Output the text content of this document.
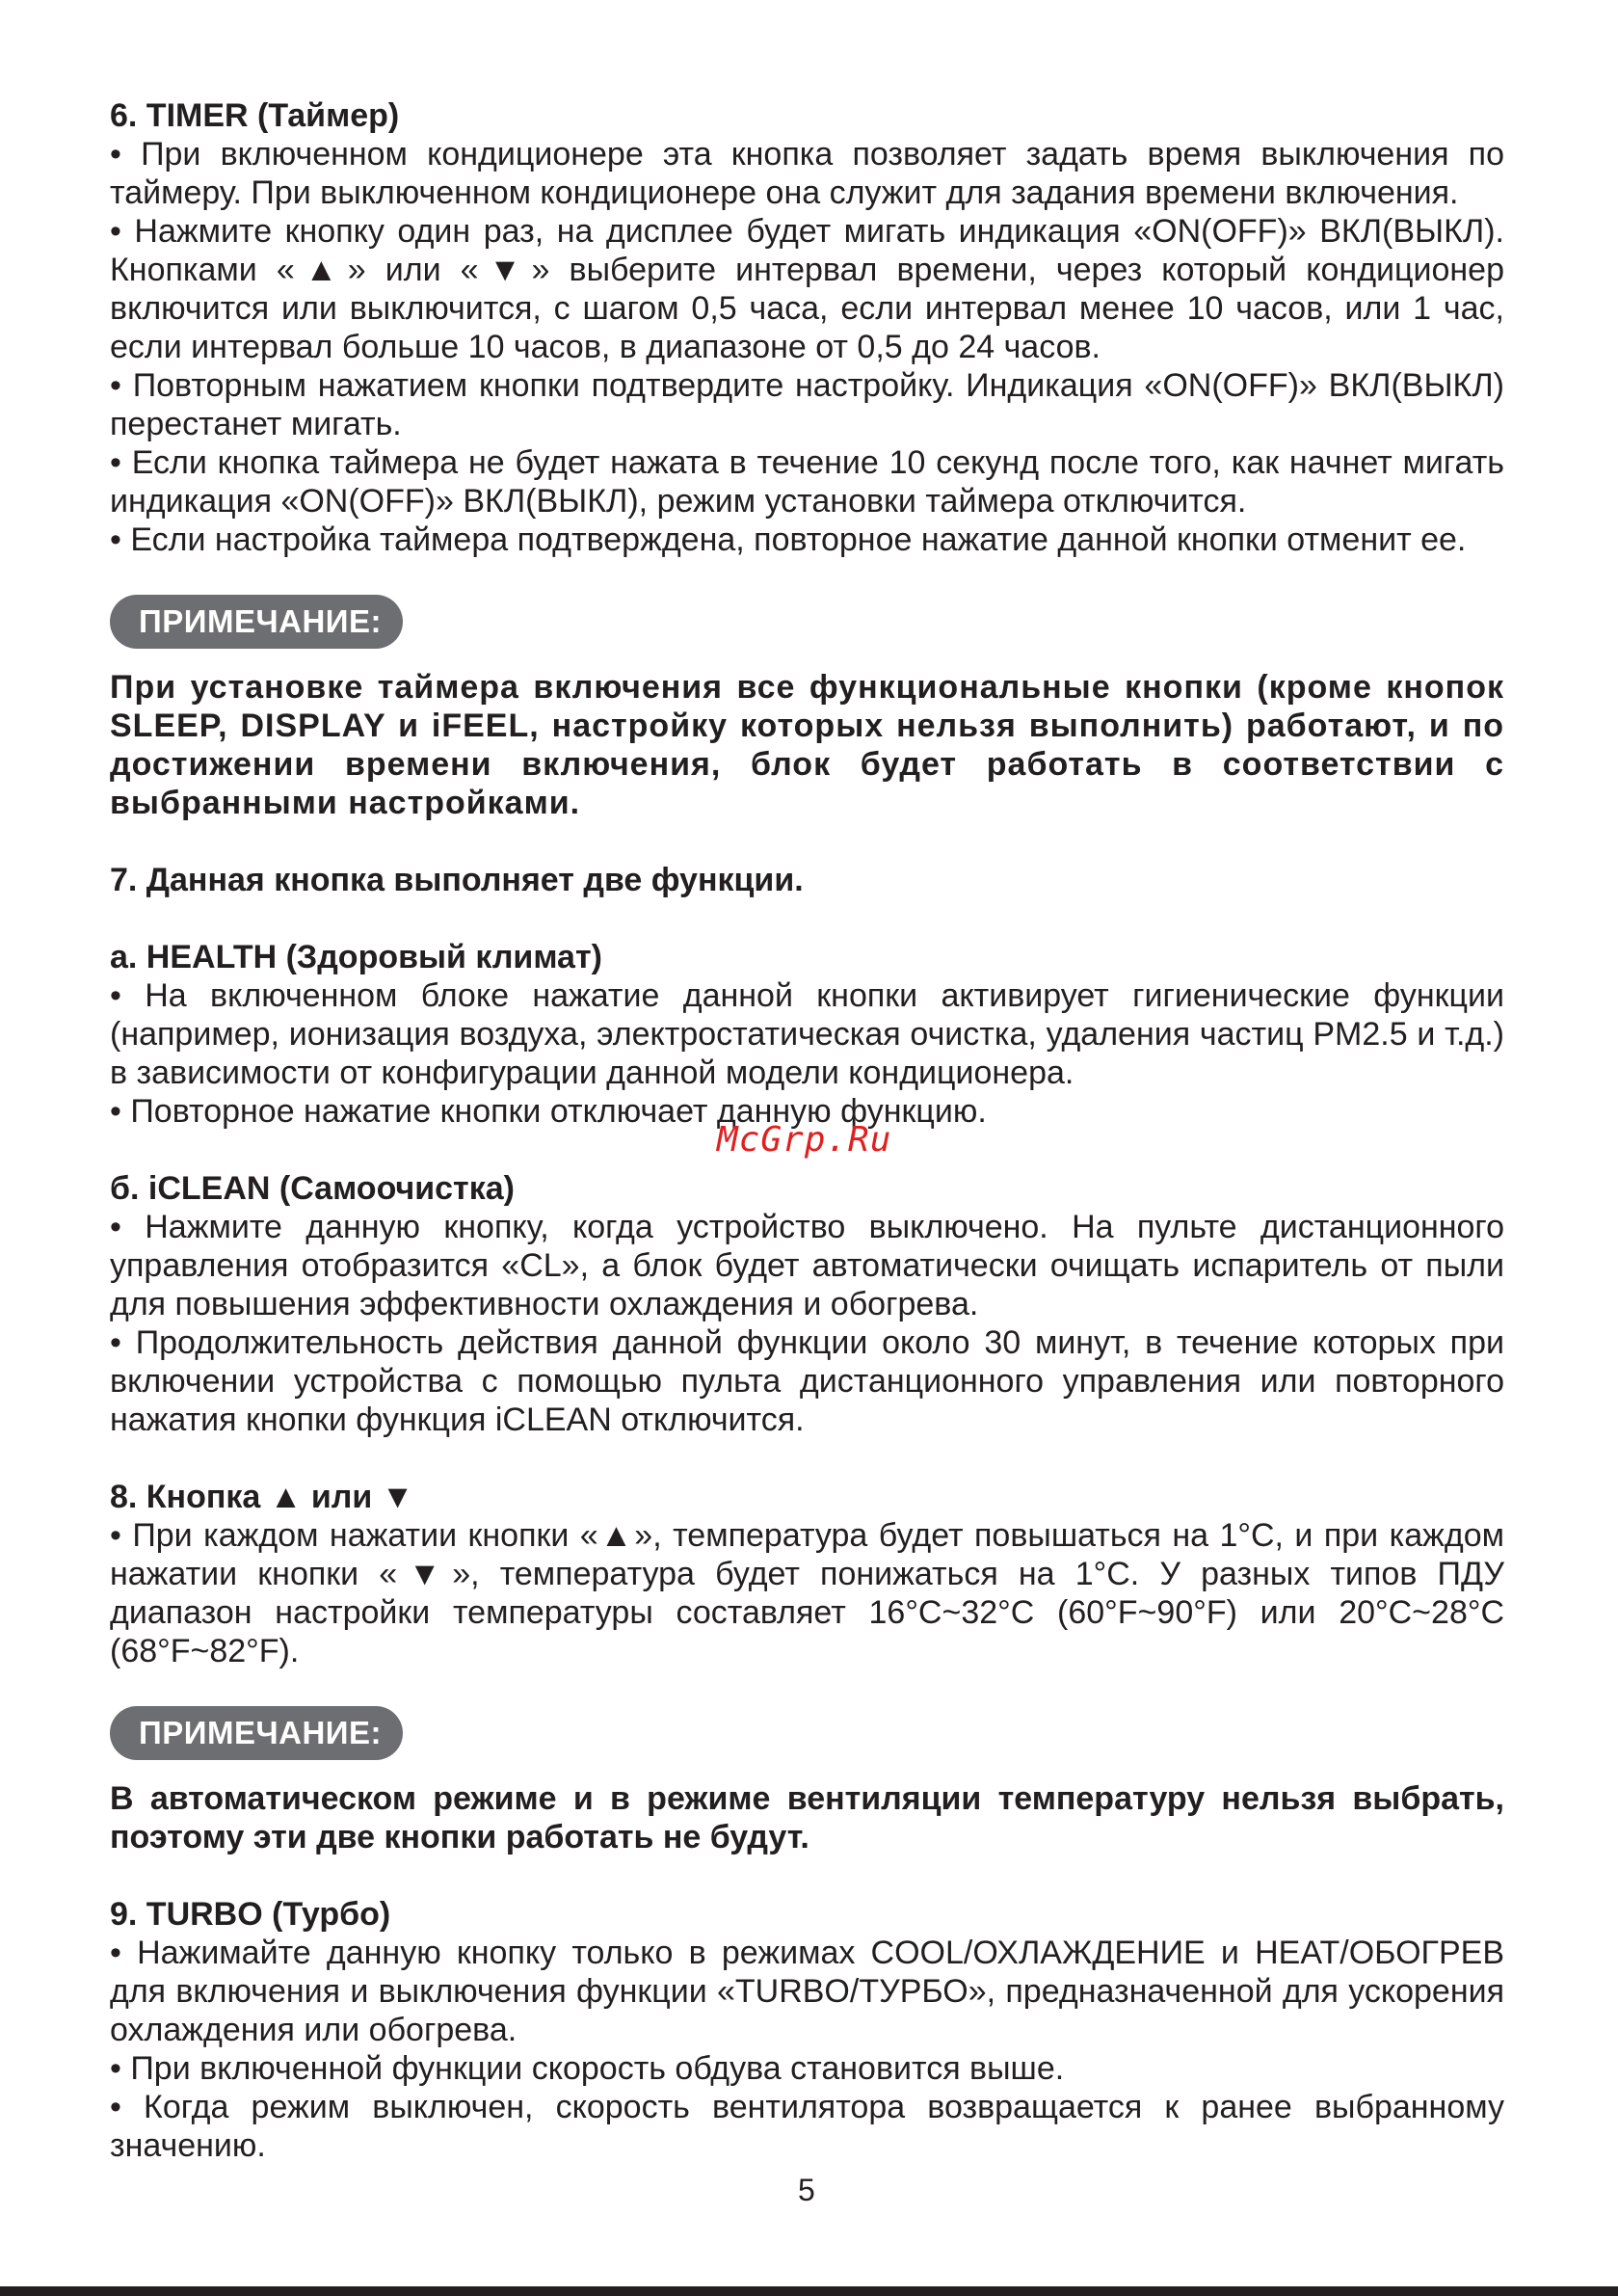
6. TIMER (Таймер)

• При включенном кондиционере эта кнопка позволяет задать время выключения по таймеру. При выключенном кондиционере она служит для задания времени включения.

• Нажмите кнопку один раз, на дисплее будет мигать индикация «ON(OFF)» ВКЛ(ВЫКЛ). Кнопками «▲» или «▼» выберите интервал времени, через который кондиционер включится или выключится, с шагом 0,5 часа, если интервал менее 10 часов, или 1 час, если интервал больше 10 часов, в диапазоне от 0,5 до 24 часов.

• Повторным нажатием кнопки подтвердите настройку. Индикация «ON(OFF)» ВКЛ(ВЫКЛ) перестанет мигать.

• Если кнопка таймера не будет нажата в течение 10 секунд после того, как начнет мигать индикация «ON(OFF)» ВКЛ(ВЫКЛ), режим установки таймера отключится.

• Если настройка таймера подтверждена, повторное нажатие данной кнопки отменит ее.

ПРИМЕЧАНИЕ:

При установке таймера включения все функциональные кнопки (кроме кнопок SLEEP, DISPLAY и iFEEL, настройку которых нельзя выполнить) работают, и по достижении времени включения, блок будет работать в соответствии с выбранными настройками.

7. Данная кнопка выполняет две функции.

а. HEALTH (Здоровый климат)

• На включенном блоке нажатие данной кнопки активирует гигиенические функции (например, ионизация воздуха, электростатическая очистка, удаления частиц PM2.5 и т.д.) в зависимости от конфигурации данной модели кондиционера.

• Повторное нажатие кнопки отключает данную функцию.

б. iCLEAN (Самоочистка)

• Нажмите данную кнопку, когда устройство выключено. На пульте дистанционного управления отобразится «CL», а блок будет автоматически очищать испаритель от пыли для повышения эффективности охлаждения и обогрева.

• Продолжительность действия данной функции около 30 минут, в течение которых при включении устройства с помощью пульта дистанционного управления или повторного нажатия кнопки функция iCLEAN отключится.

8. Кнопка ▲ или ▼

• При каждом нажатии кнопки «▲», температура будет повышаться на 1°C, и при каждом нажатии кнопки «▼», температура будет понижаться на 1°C. У разных типов ПДУ диапазон настройки температуры составляет 16°C~32°C (60°F~90°F) или 20°C~28°C (68°F~82°F).

ПРИМЕЧАНИЕ:

В автоматическом режиме и в режиме вентиляции температуру нельзя выбрать, поэтому эти две кнопки работать не будут.

9. TURBO (Турбо)

• Нажимайте данную кнопку только в режимах COOL/ОХЛАЖДЕНИЕ и HEAT/ОБОГРЕВ для включения и выключения функции «TURBO/ТУРБО», предназначенной для ускорения охлаждения или обогрева.

• При включенной функции скорость обдува становится выше.

• Когда режим выключен, скорость вентилятора возвращается к ранее выбранному значению.

McGrp.Ru
5
